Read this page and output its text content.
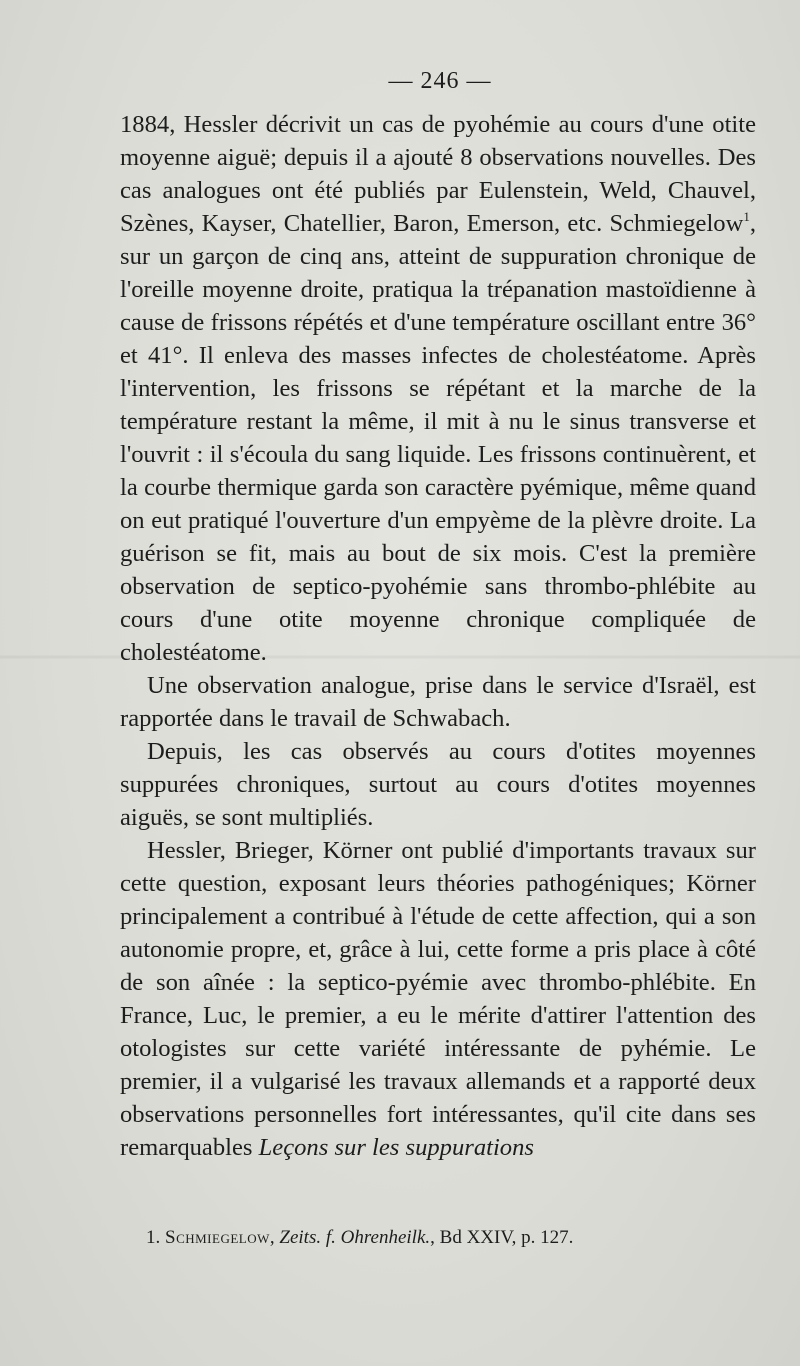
— 246 —

1884, Hessler décrivit un cas de pyohémie au cours d'une otite moyenne aiguë; depuis il a ajouté 8 observations nouvelles. Des cas analogues ont été publiés par Eulenstein, Weld, Chauvel, Szènes, Kayser, Chatellier, Baron, Emerson, etc. Schmiegelow$^1$, sur un garçon de cinq ans, atteint de suppuration chronique de l'oreille moyenne droite, pratiqua la trépanation mastoïdienne à cause de frissons répétés et d'une température oscillant entre 36° et 41°. Il enleva des masses infectes de cholestéatome. Après l'intervention, les frissons se répétant et la marche de la température restant la même, il mit à nu le sinus transverse et l'ouvrit : il s'écoula du sang liquide. Les frissons continuèrent, et la courbe thermique garda son caractère pyémique, même quand on eut pratiqué l'ouverture d'un empyème de la plèvre droite. La guérison se fit, mais au bout de six mois. C'est la première observation de septico-pyohémie sans thrombo-phlébite au cours d'une otite moyenne chronique compliquée de cholestéatome.

Une observation analogue, prise dans le service d'Israël, est rapportée dans le travail de Schwabach.

Depuis, les cas observés au cours d'otites moyennes suppurées chroniques, surtout au cours d'otites moyennes aiguës, se sont multipliés.

Hessler, Brieger, Körner ont publié d'importants travaux sur cette question, exposant leurs théories pathogéniques; Körner principalement a contribué à l'étude de cette affection, qui a son autonomie propre, et, grâce à lui, cette forme a pris place à côté de son aînée : la septico-pyémie avec thrombo-phlébite. En France, Luc, le premier, a eu le mérite d'attirer l'attention des otologistes sur cette variété intéressante de pyhémie. Le premier, il a vulgarisé les travaux allemands et a rapporté deux observations personnelles fort intéressantes, qu'il cite dans ses remarquables Leçons sur les suppurations

1. Schmiegelow, Zeits. f. Ohrenheilk., Bd XXIV, p. 127.
